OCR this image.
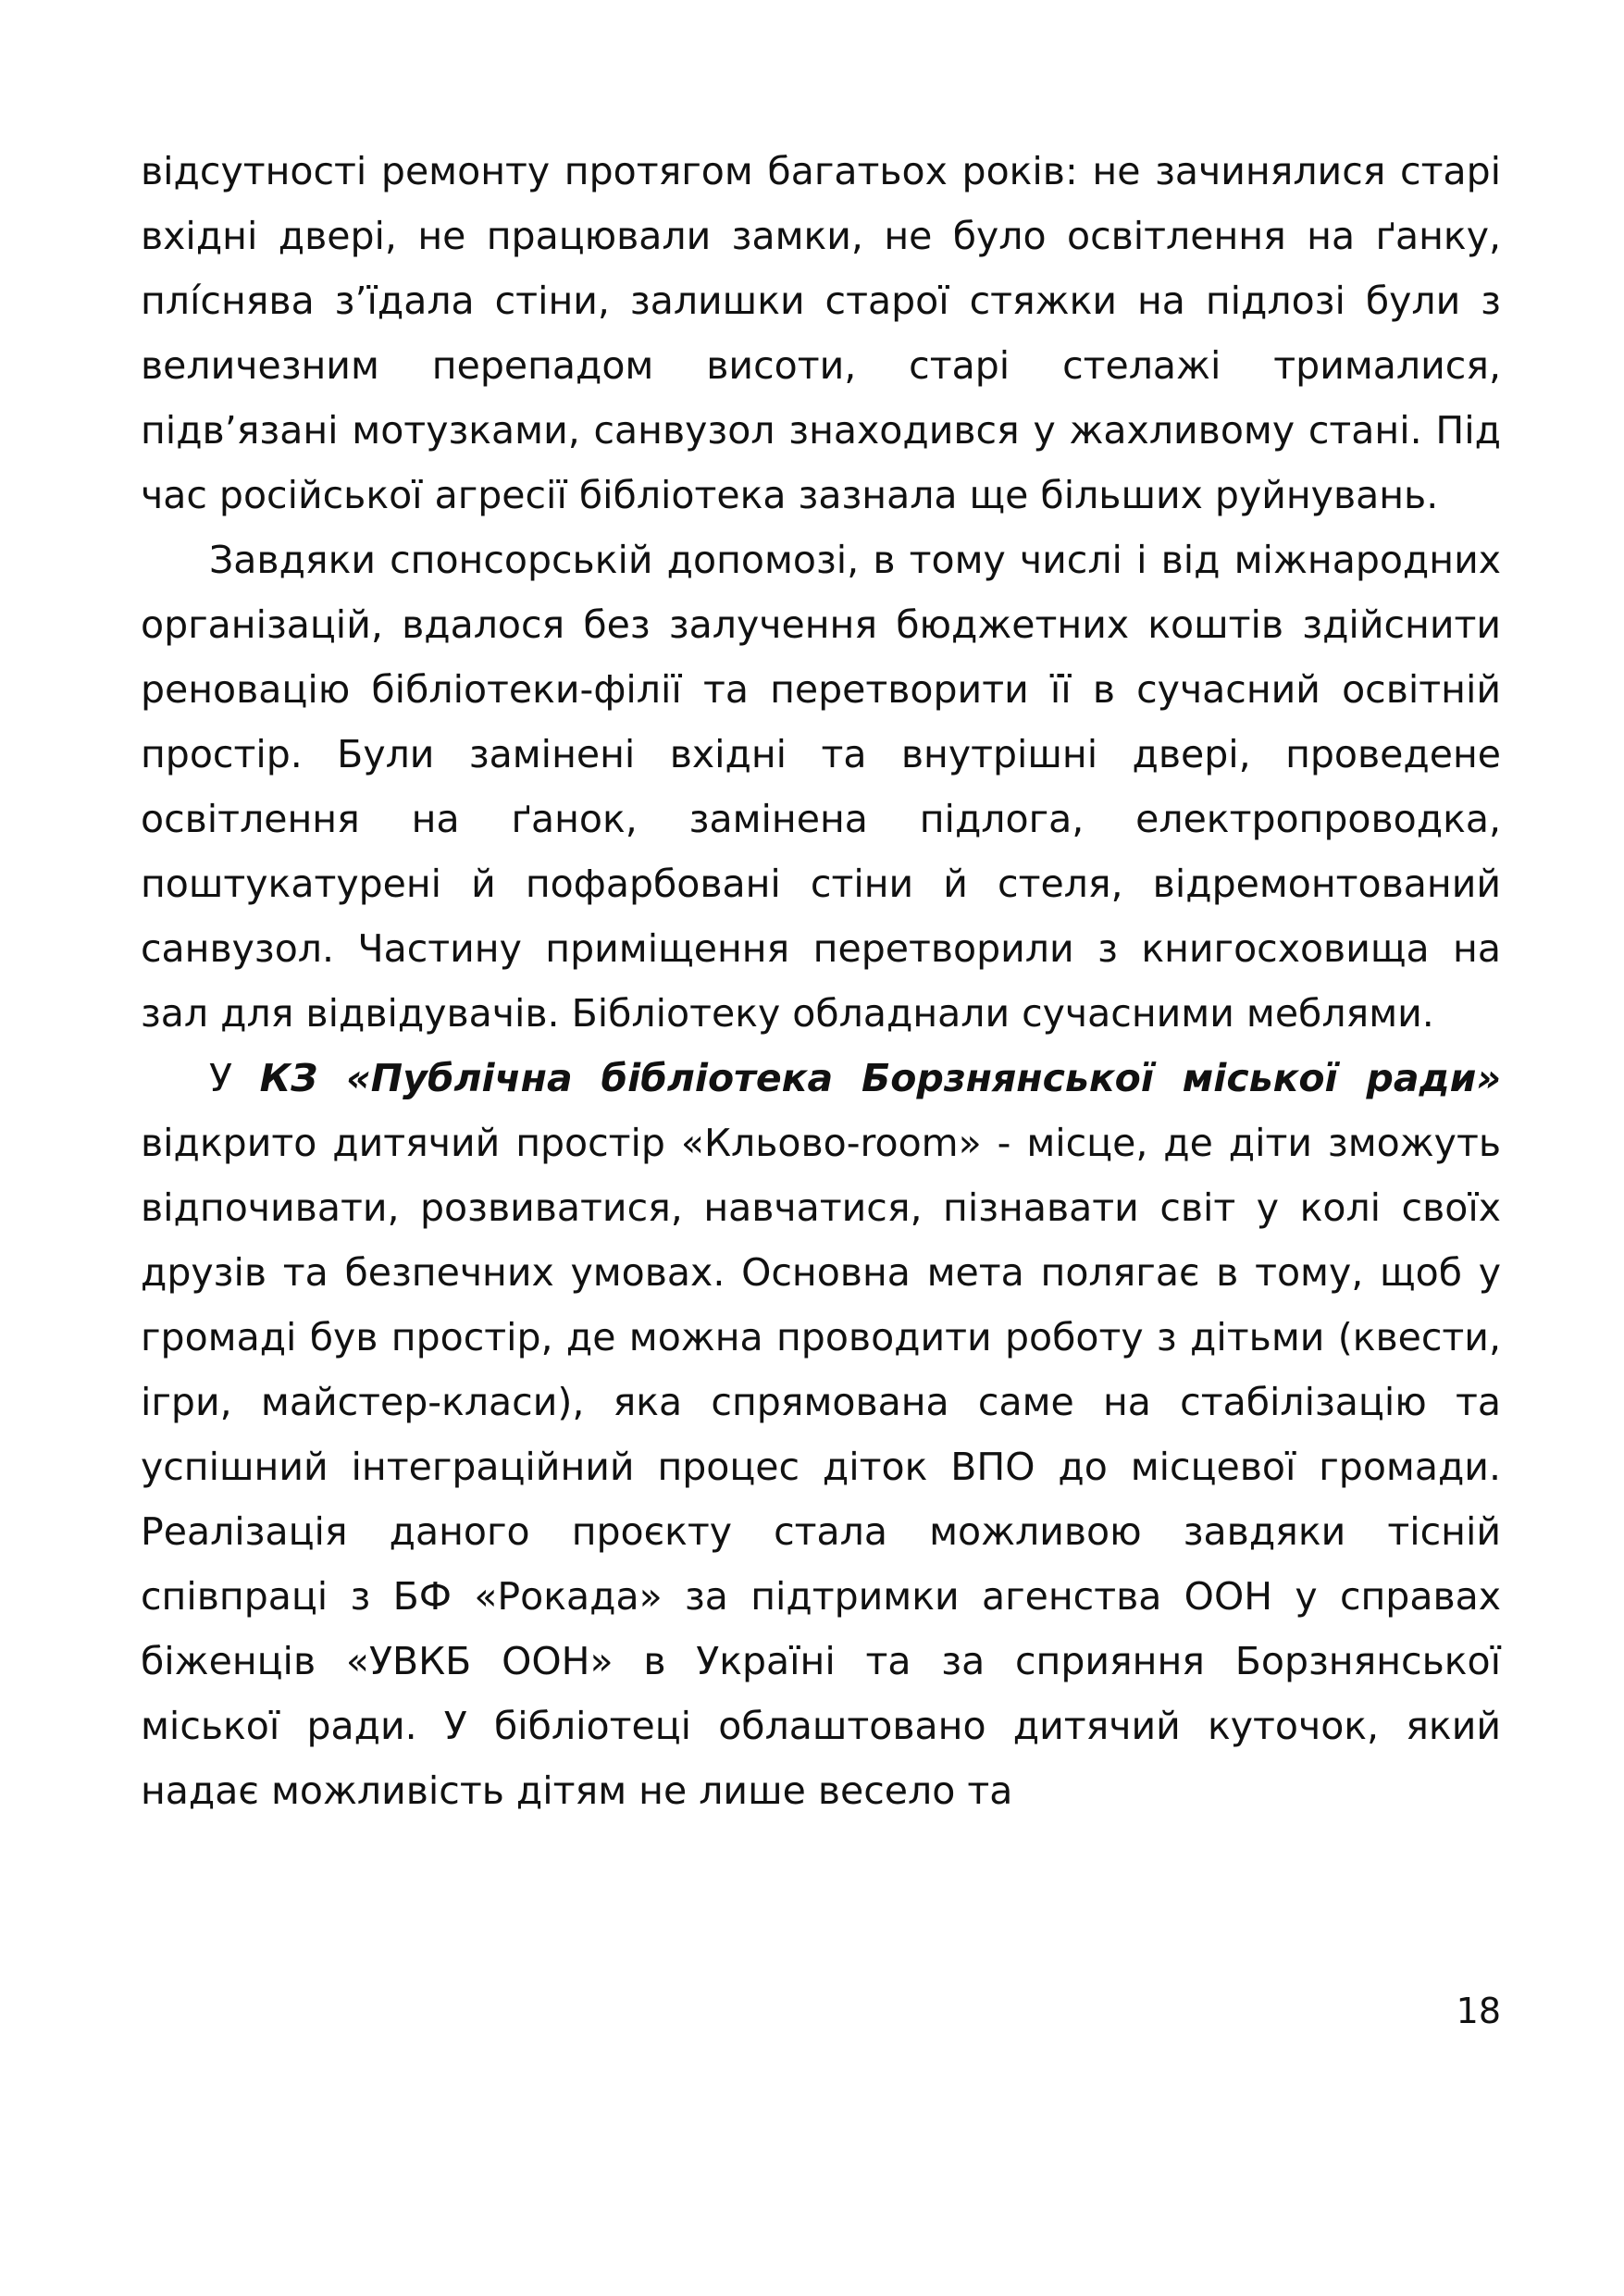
відсутності ремонту протягом багатьох років: не зачинялися старі вхідні двері, не працювали замки, не було освітлення на ґанку, плíснява з’їдала стіни, залишки старої стяжки на підлозі були з величезним перепадом висоти, старі стелажі трималися, підв’язані мотузками, санвузол знаходився у жахливому стані. Під час російської агресії бібліотека зазнала ще більших руйнувань.

Завдяки спонсорській допомозі, в тому числі і від міжнародних організацій, вдалося без залучення бюджетних коштів здійснити реновацію бібліотеки-філії та перетворити її в сучасний освітній простір. Були замінені вхідні та внутрішні двері, проведене освітлення на ґанок, замінена підлога, електропроводка, поштукатурені й пофарбовані стіни й стеля, відремонтований санвузол. Частину приміщення перетворили з книгосховища на зал для відвідувачів. Бібліотеку обладнали сучасними меблями.

У КЗ «Публічна бібліотека Борзнянської міської ради» відкрито дитячий простір «Кльово-room» - місце, де діти зможуть відпочивати, розвиватися, навчатися, пізнавати світ у колі своїх друзів та безпечних умовах. Основна мета полягає в тому, щоб у громаді був простір, де можна проводити роботу з дітьми (квести, ігри, майстер-класи), яка спрямована саме на стабілізацію та успішний інтеграційний процес діток ВПО до місцевої громади. Реалізація даного проєкту стала можливою завдяки тісній співпраці з БФ «Рокада» за підтримки агенства ООН у справах біженців «УВКБ ООН» в Україні та за сприяння Борзнянської міської ради. У бібліотеці облаштовано дитячий куточок, який надає можливість дітям не лише весело та

18
